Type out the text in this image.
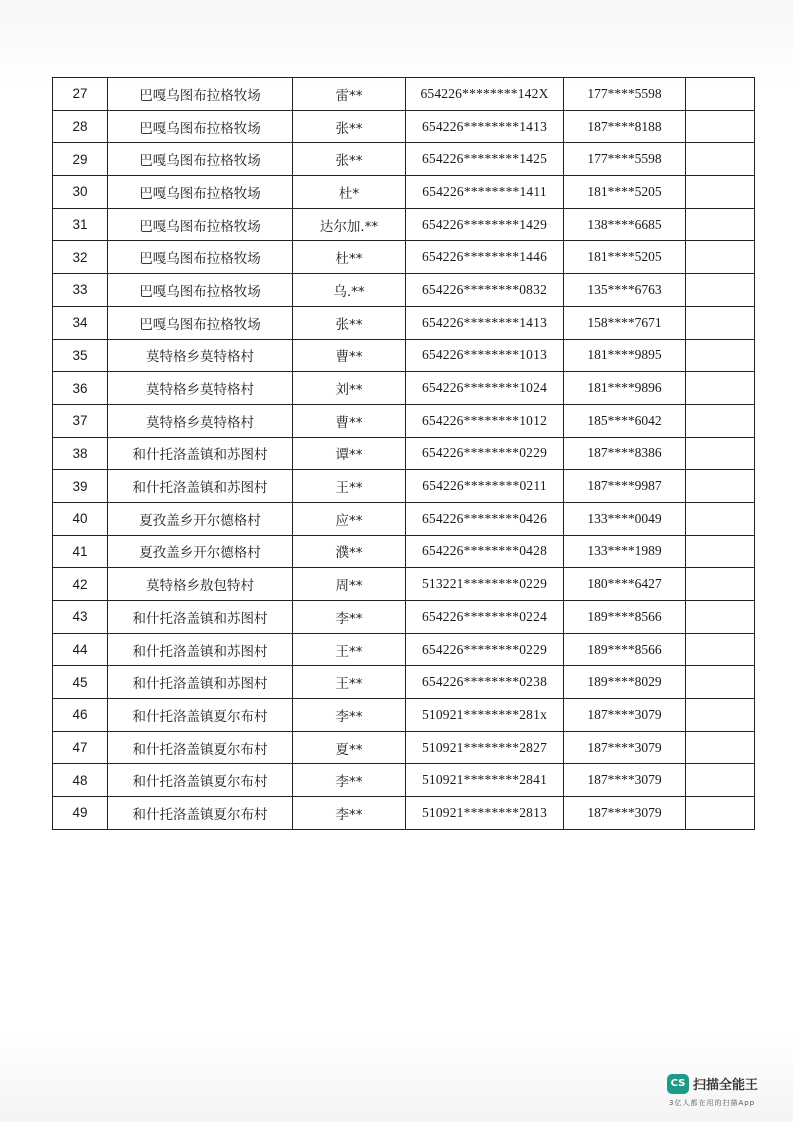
27	巴嘎乌图布拉格牧场	雷**	654226********142X	177****5598	
28	巴嘎乌图布拉格牧场	张**	654226********1413	187****8188	
29	巴嘎乌图布拉格牧场	张**	654226********1425	177****5598	
30	巴嘎乌图布拉格牧场	杜*	654226********1411	181****5205	
31	巴嘎乌图布拉格牧场	达尔加.**	654226********1429	138****6685	
32	巴嘎乌图布拉格牧场	杜**	654226********1446	181****5205	
33	巴嘎乌图布拉格牧场	乌.**	654226********0832	135****6763	
34	巴嘎乌图布拉格牧场	张**	654226********1413	158****7671	
35	莫特格乡莫特格村	曹**	654226********1013	181****9895	
36	莫特格乡莫特格村	刘**	654226********1024	181****9896	
37	莫特格乡莫特格村	曹**	654226********1012	185****6042	
38	和什托洛盖镇和苏图村	谭**	654226********0229	187****8386	
39	和什托洛盖镇和苏图村	王**	654226********0211	187****9987	
40	夏孜盖乡开尔德格村	应**	654226********0426	133****0049	
41	夏孜盖乡开尔德格村	濮**	654226********0428	133****1989	
42	莫特格乡敖包特村	周**	513221********0229	180****6427	
43	和什托洛盖镇和苏图村	李**	654226********0224	189****8566	
44	和什托洛盖镇和苏图村	王**	654226********0229	189****8566	
45	和什托洛盖镇和苏图村	王**	654226********0238	189****8029	
46	和什托洛盖镇夏尔布村	李**	510921********281x	187****3079	
47	和什托洛盖镇夏尔布村	夏**	510921********2827	187****3079	
48	和什托洛盖镇夏尔布村	李**	510921********2841	187****3079	
49	和什托洛盖镇夏尔布村	李**	510921********2813	187****3079	
CS 扫描全能王
3亿人都在用的扫描App
